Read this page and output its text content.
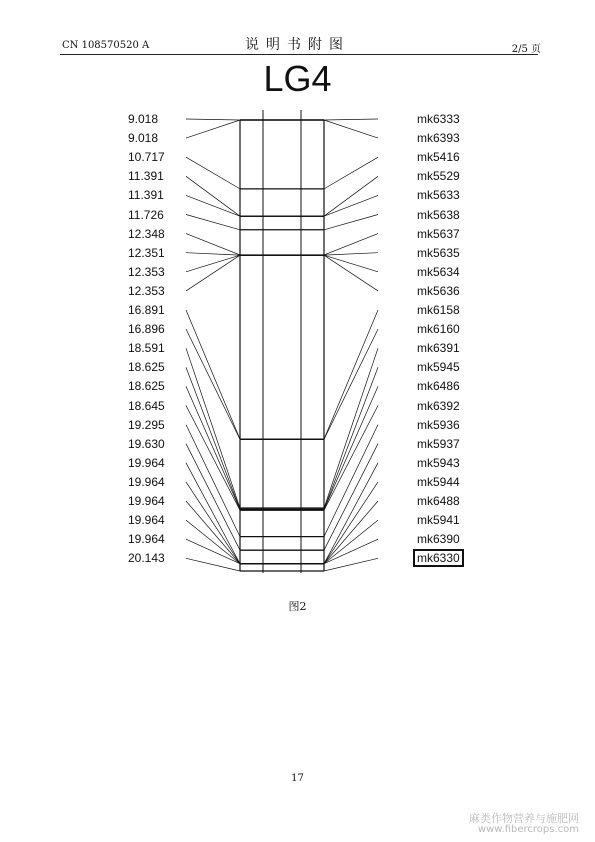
CN 108570520 A	说明书附图	2/5 页
LG4
9.018	mk6333
9.018	mk6393
10.717	mk5416
11.391	mk5529
11.391	mk5633
11.726	mk5638
12.348	mk5637
12.351	mk5635
12.353	mk5634
12.353	mk5636
16.891	mk6158
16.896	mk6160
18.591	mk6391
18.625	mk5945
18.625	mk6486
18.645	mk6392
19.295	mk5936
19.630	mk5937
19.964	mk5943
19.964	mk5944
19.964	mk6488
19.964	mk5941
19.964	mk6390
20.143	mk6330
图2
17
麻类作物营养与施肥网
www.fibercrops.com
